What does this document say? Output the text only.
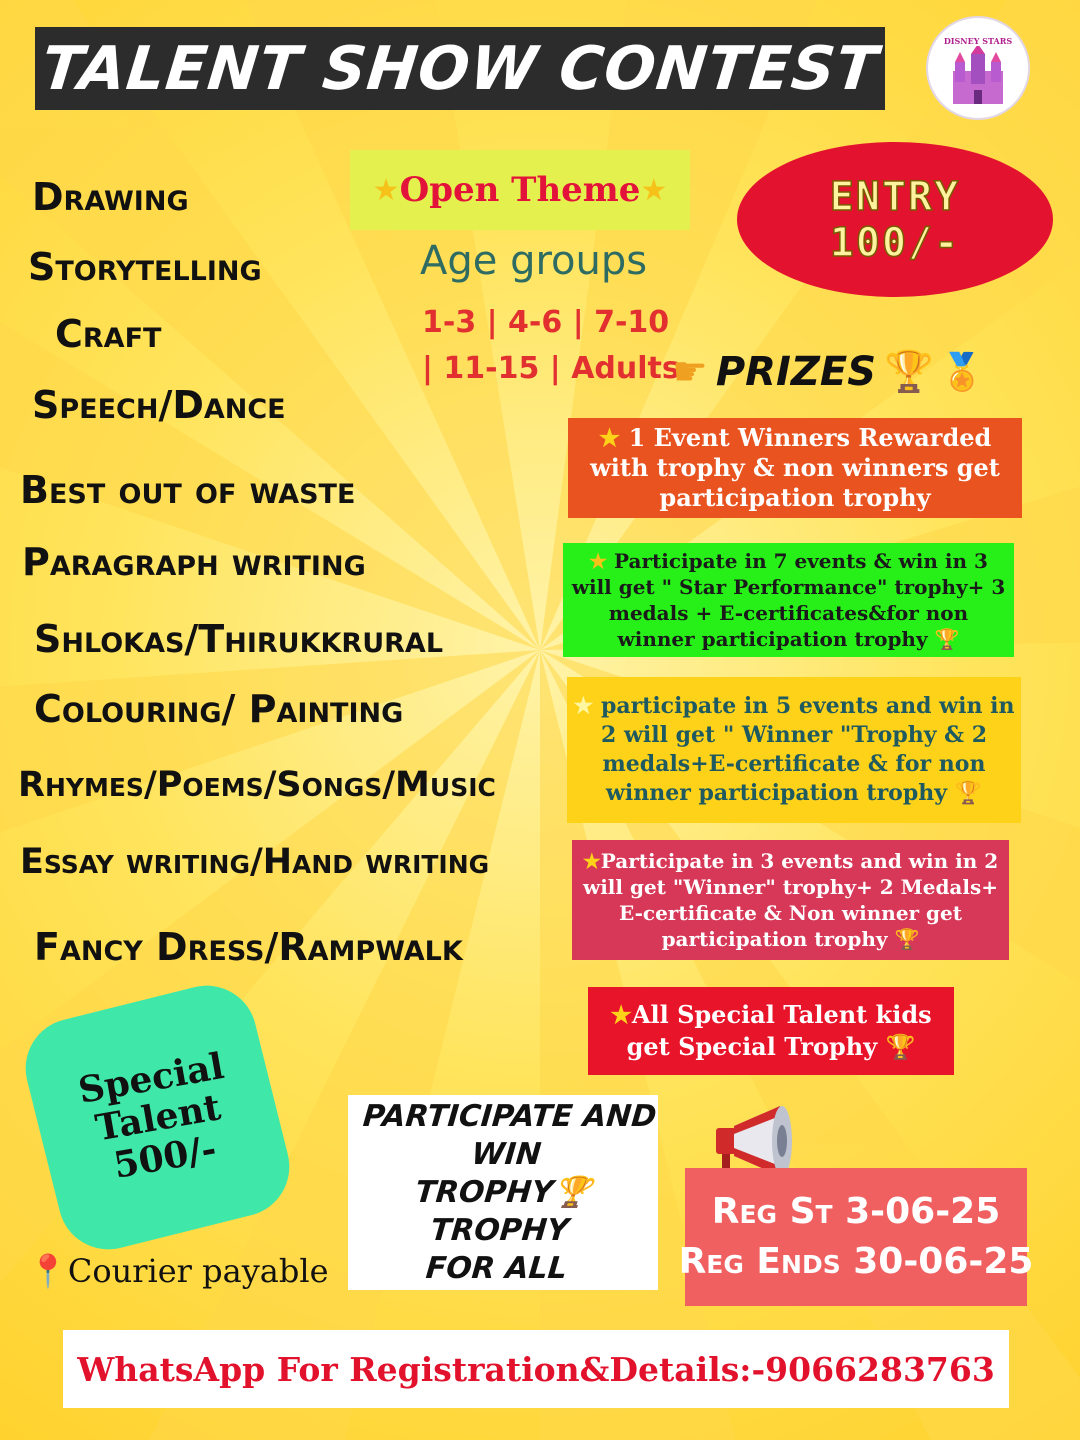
TALENT SHOW CONTEST	DISNEY STARS
Drawing
Storytelling
Craft
Speech/Dance
Best out of waste
Paragraph writing
Shlokas/Thirukkrural
Colouring/ Painting
Rhymes/Poems/Songs/Music
Essay writing/Hand writing
Fancy Dress/Rampwalk
★ Open Theme ★
Age groups
1-3 | 4-6 | 7-10
| 11-15 | Adults
ENTRY
100/-
☛ PRIZES 🏆 🏅
★ 1 Event Winners Rewarded with trophy & non winners get participation trophy
★ Participate in 7 events & win in 3 will get " Star Performance" trophy+ 3 medals + E-certificates&for non winner participation trophy 🏆
★ participate in 5 events and win in 2 will get " Winner "Trophy & 2 medals+E-certificate & for non winner participation trophy 🏆
★Participate in 3 events and win in 2 will get "Winner" trophy+ 2 Medals+ E-certificate & Non winner get participation trophy 🏆
★All Special Talent kids get Special Trophy 🏆
Special Talent 500/-
PARTICIPATE AND WIN
TROPHY🏆TROPHY
FOR ALL
Reg St 3-06-25
Reg Ends 30-06-25
📍Courier payable
WhatsApp For Registration&Details:-9066283763
